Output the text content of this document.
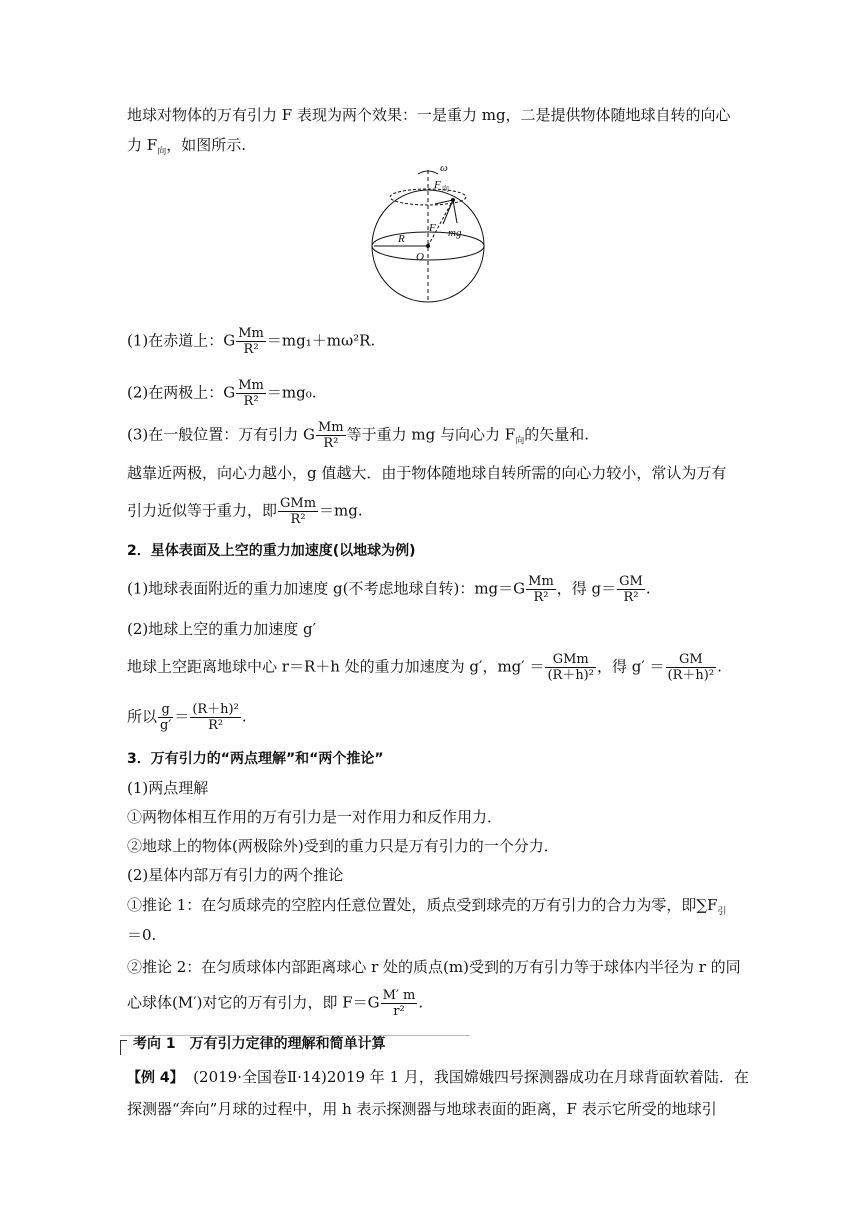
地球对物体的万有引力 F 表现为两个效果：一是重力 mg，二是提供物体随地球自转的向心
力 $F_向$，如图所示.
ω
F 向
F mg
R
O
(1)在赤道上：G $\frac{Mm}{\text{R²}} =mg_1+m\omega^2R$.
(2)在两极上：G $\frac{Mm}{\text{R²}} =mg_0$.
(3)在一般位置：万有引力 G $\frac{Mm}{\text{R²}}$ 等于重力 mg 与向心力 $F_向$的矢量和.
越靠近两极，向心力越小，g 值越大．由于物体随地球自转所需的向心力较小，常认为万有
引力近似等于重力，即 $\frac{\text{GMm}}{\text{R²}} =mg$.
2．星体表面及上空的重力加速度(以地球为例)
(1)地球表面附近的重力加速度 g(不考虑地球自转)：$mg=G \frac{Mm}{\text{R²}}$ ，得 $g= \frac{GM}{\text{R²}}$ .
(2)地球上空的重力加速度 g′
地球上空距离地球中心 r＝R＋h 处的重力加速度为 g′，$mg' = \frac{\text{GMm}}{\text{(R＋h)²}}$ ，得 $g' = \frac{GM}{\text{(R＋h)²}}$ .
所以 $\frac{g}{g'} = \frac{\text{(R＋h)²}}{\text{R²}}$ .
3．万有引力的“两点理解”和“两个推论”
(1)两点理解
①两物体相互作用的万有引力是一对作用力和反作用力．
②地球上的物体(两极除外)受到的重力只是万有引力的一个分力．
(2)星体内部万有引力的两个推论
①推论 1：在匀质球壳的空腔内任意位置处，质点受到球壳的万有引力的合力为零，即$\sum F_引$
＝0.
②推论 2：在匀质球体内部距离球心 r 处的质点(m)受到的万有引力等于球体内半径为 r 的同
心球体(M′)对它的万有引力，即 $F=G \frac{M' m}{\text{r²}}$ .
考向 1　万有引力定律的理解和简单计算
【例 4】 (2019·全国卷Ⅱ·14)2019 年 1 月，我国嫦娥四号探测器成功在月球背面软着陆．在
探测器“奔向”月球的过程中，用 h 表示探测器与地球表面的距离，F 表示它所受的地球引
